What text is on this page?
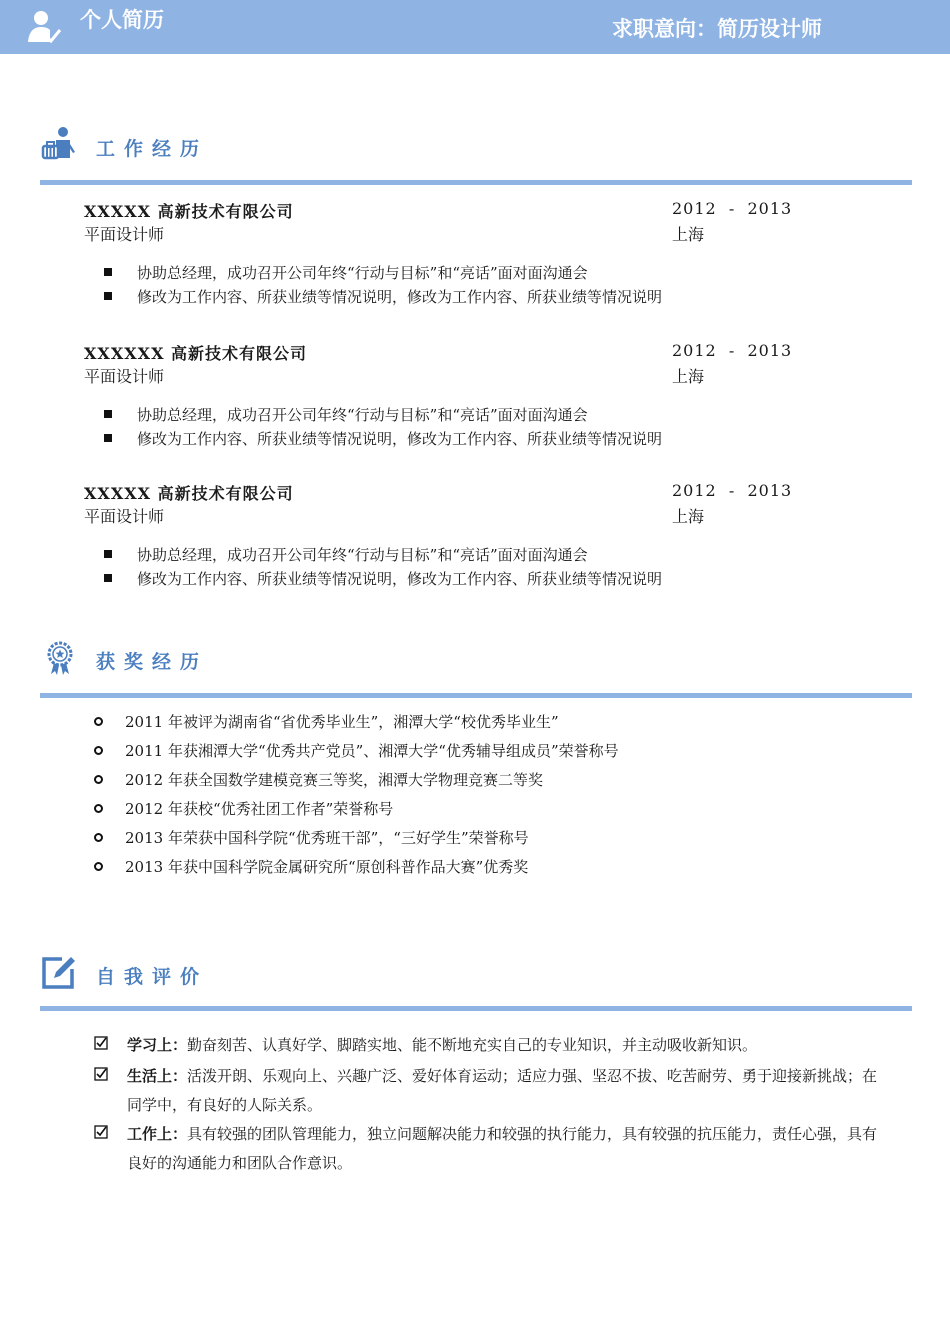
个人简历	求职意向：简历设计师
工作经历
XXXXX 高新技术有限公司	2012  -  2013
平面设计师	上海
协助总经理，成功召开公司年终“行动与目标”和“亮话”面对面沟通会
修改为工作内容、所获业绩等情况说明，修改为工作内容、所获业绩等情况说明
XXXXXX 高新技术有限公司	2012  -  2013
平面设计师	上海
协助总经理，成功召开公司年终“行动与目标”和“亮话”面对面沟通会
修改为工作内容、所获业绩等情况说明，修改为工作内容、所获业绩等情况说明
XXXXX 高新技术有限公司	2012  -  2013
平面设计师	上海
协助总经理，成功召开公司年终“行动与目标”和“亮话”面对面沟通会
修改为工作内容、所获业绩等情况说明，修改为工作内容、所获业绩等情况说明
获奖经历
2011 年被评为湖南省“省优秀毕业生”，湘潭大学“校优秀毕业生”
2011 年获湘潭大学“优秀共产党员”、湘潭大学“优秀辅导组成员”荣誉称号
2012 年获全国数学建模竞赛三等奖，湘潭大学物理竞赛二等奖
2012 年获校“优秀社团工作者”荣誉称号
2013 年荣获中国科学院“优秀班干部”，“三好学生”荣誉称号
2013 年获中国科学院金属研究所“原创科普作品大赛”优秀奖
自我评价
学习上：勤奋刻苦、认真好学、脚踏实地、能不断地充实自己的专业知识，并主动吸收新知识。
生活上：活泼开朗、乐观向上、兴趣广泛、爱好体育运动；适应力强、坚忍不拔、吃苦耐劳、勇于迎接新挑战；在同学中，有良好的人际关系。
工作上：具有较强的团队管理能力，独立问题解决能力和较强的执行能力，具有较强的抗压能力，责任心强，具有良好的沟通能力和团队合作意识。
